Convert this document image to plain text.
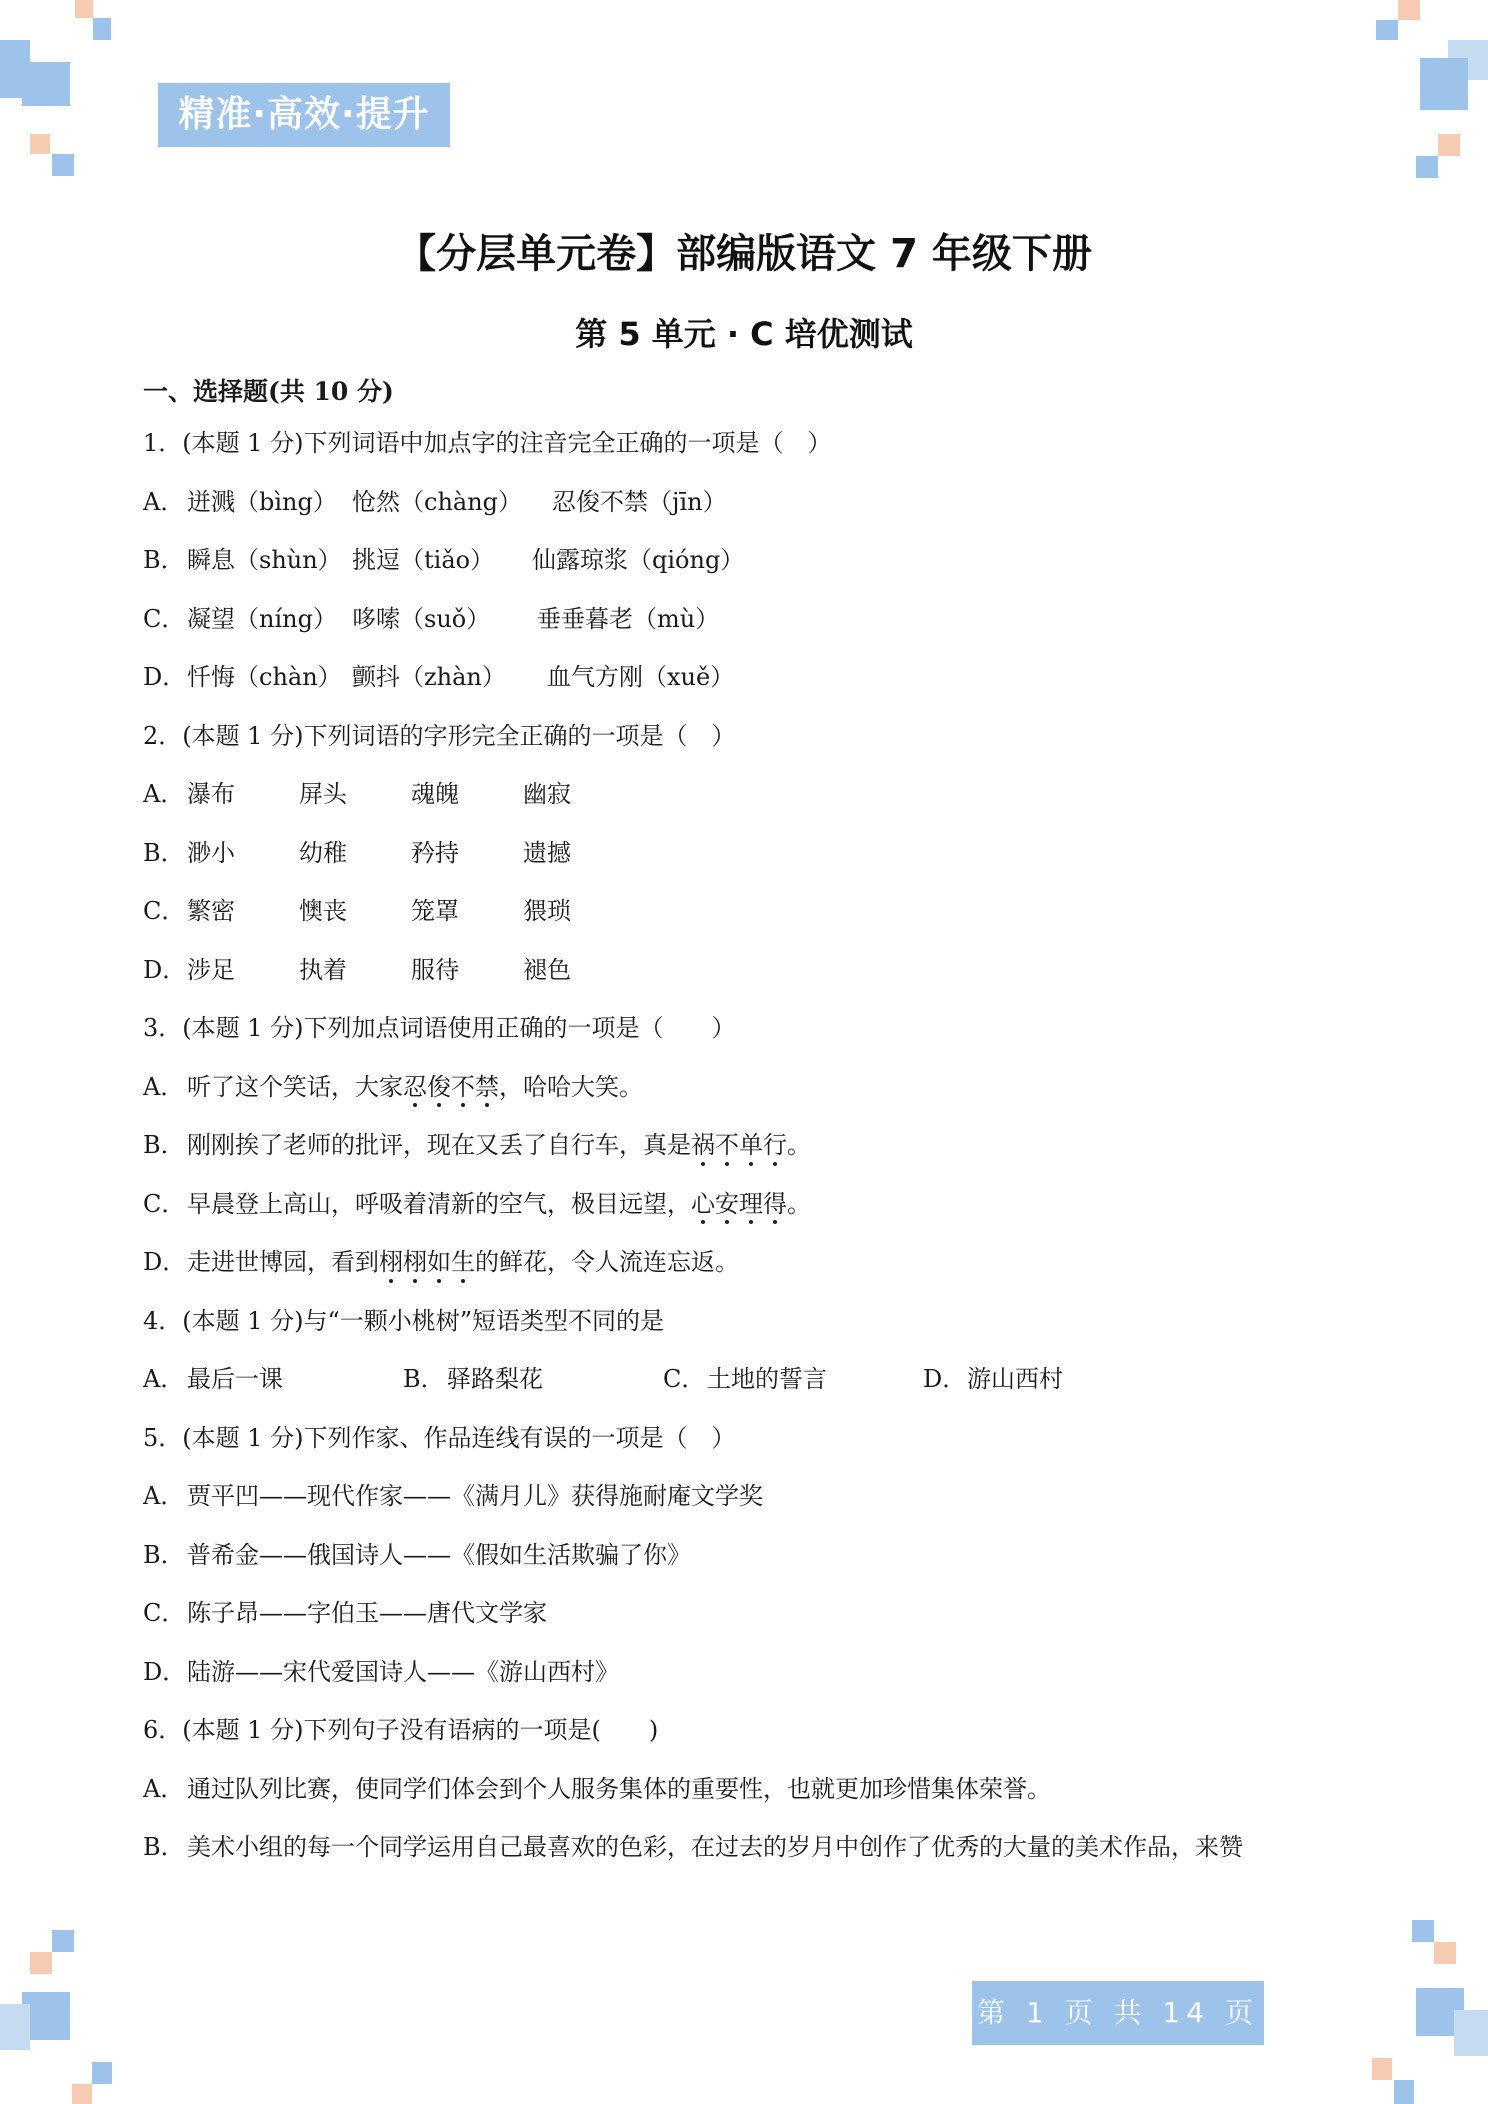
精准·高效·提升
【分层单元卷】部编版语文 7 年级下册
第 5 单元 · C 培优测试
一、选择题(共 10 分)
1．(本题 1 分)下列词语中加点字的注音完全正确的一项是（　）
A． 迸溅（bìng） 怆然（chàng） 忍俊不禁（jīn）
B．瞬息（shùn） 挑逗（tiǎo） 仙露琼浆（qióng）
C．凝望（níng） 哆嗦（suǒ） 垂垂暮老（mù）
D．忏悔（chàn） 颤抖（zhàn） 血气方刚（xuě）
2．(本题 1 分)下列词语的字形完全正确的一项是（　）
A． 瀑布	屏头	魂魄	幽寂
B．渺小	幼稚	矜持	遗撼
C．繁密	懊丧	笼罩	猥琐
D．涉足	执着	服待	褪色
3．(本题 1 分)下列加点词语使用正确的一项是（　　）
A． 听了这个笑话，大家忍俊不禁，哈哈大笑。
B．刚刚挨了老师的批评，现在又丢了自行车，真是祸不单行。
C．早晨登上高山，呼吸着清新的空气，极目远望，心安理得。
D．走进世博园，看到栩栩如生的鲜花，令人流连忘返。
4．(本题 1 分)与“一颗小桃树”短语类型不同的是
A． 最后一课	B．驿路梨花	C．土地的誓言	D．游山西村
5．(本题 1 分)下列作家、作品连线有误的一项是（　）
A． 贾平凹——现代作家——《满月儿》获得施耐庵文学奖
B．普希金——俄国诗人——《假如生活欺骗了你》
C．陈子昂——字伯玉——唐代文学家
D．陆游——宋代爱国诗人——《游山西村》
6．(本题 1 分)下列句子没有语病的一项是(　　)
A． 通过队列比赛，使同学们体会到个人服务集体的重要性，也就更加珍惜集体荣誉。
B．美术小组的每一个同学运用自己最喜欢的色彩，在过去的岁月中创作了优秀的大量的美术作品，来赞
第 1 页 共 14 页
